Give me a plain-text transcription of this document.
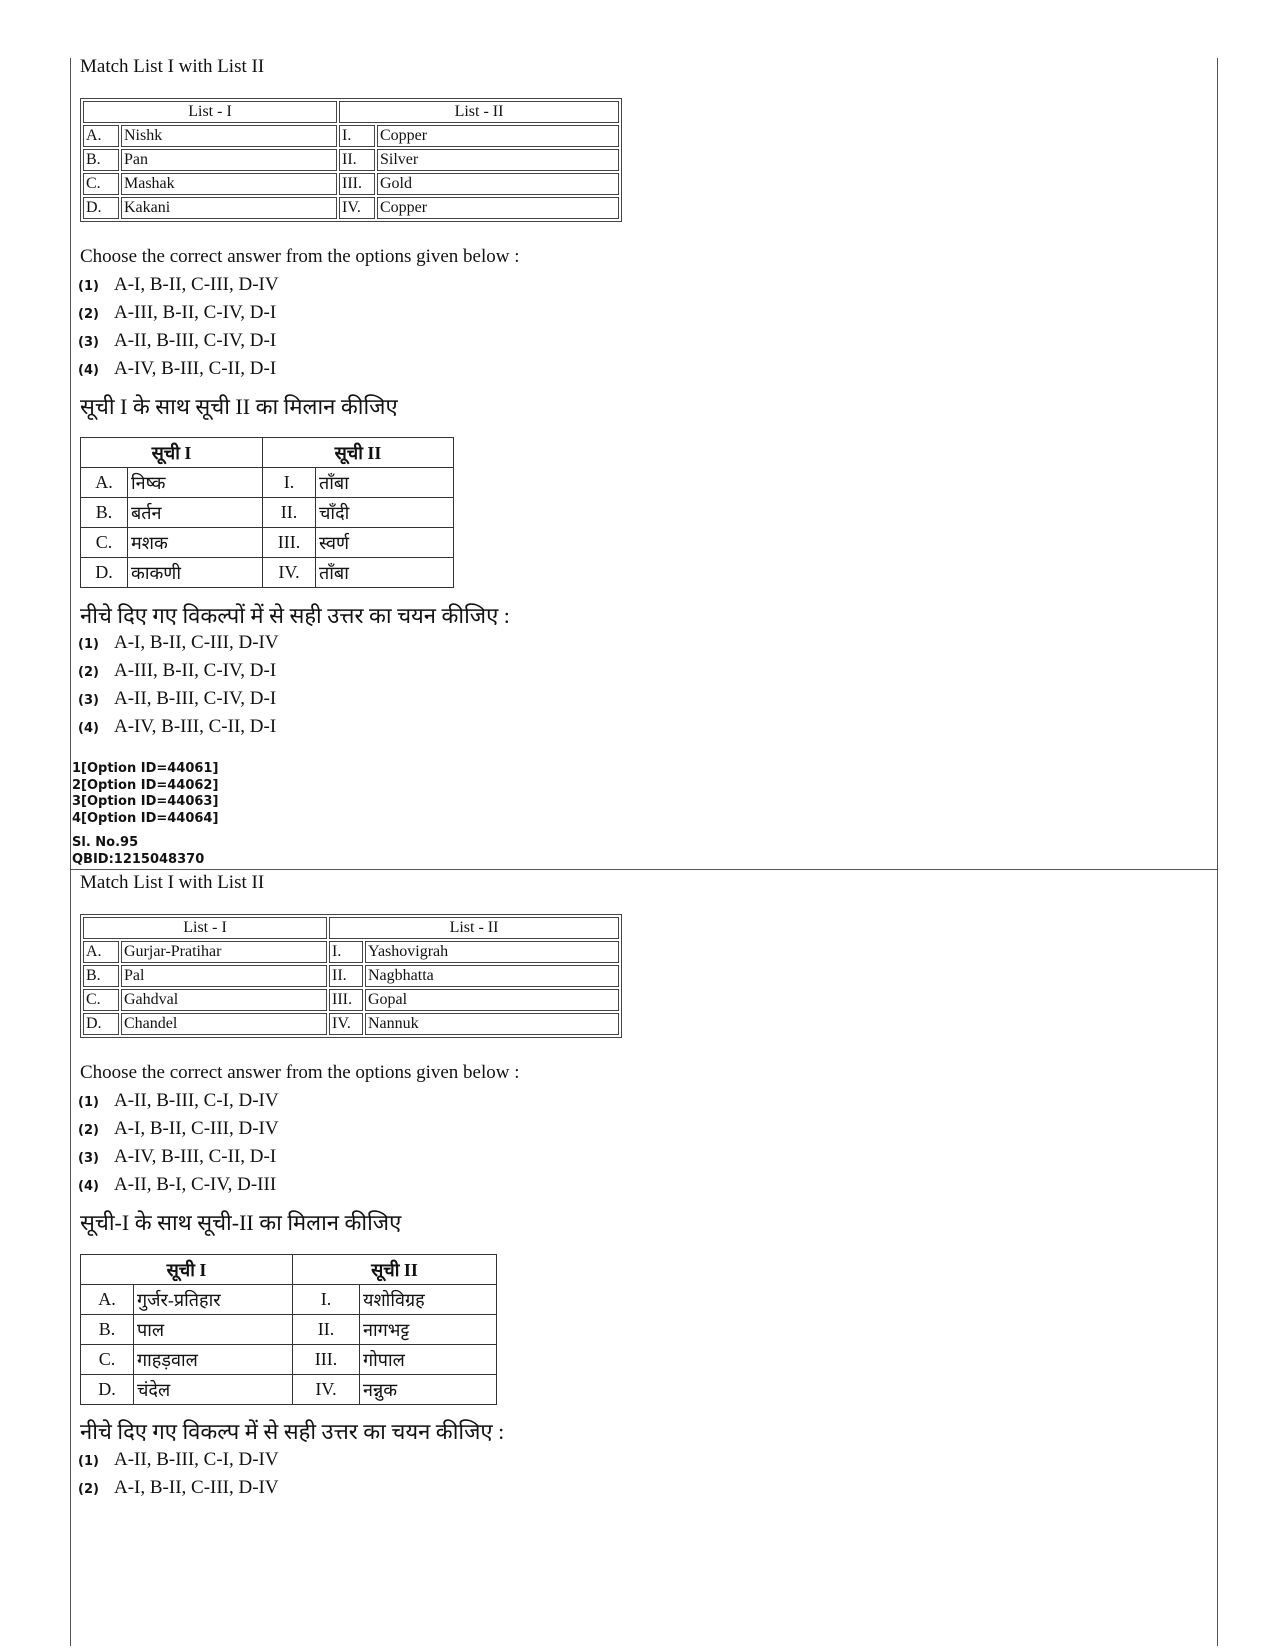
Match List I with List II
List - I		List - II	
A.	Nishk	I.	Copper
B.	Pan	II.	Silver
C.	Mashak	III.	Gold
D.	Kakani	IV.	Copper
Choose the correct answer from the options given below :
(1) A-I, B-II, C-III, D-IV
(2) A-III, B-II, C-IV, D-I
(3) A-II, B-III, C-IV, D-I
(4) A-IV, B-III, C-II, D-I
सूची I के साथ सूची II का मिलान कीजिए
सूची I		सूची II	
A.	निष्क	I.	ताँबा
B.	बर्तन	II.	चाँदी
C.	मशक	III.	स्वर्ण
D.	काकणी	IV.	ताँबा
नीचे दिए गए विकल्पों में से सही उत्तर का चयन कीजिए :
(1) A-I, B-II, C-III, D-IV
(2) A-III, B-II, C-IV, D-I
(3) A-II, B-III, C-IV, D-I
(4) A-IV, B-III, C-II, D-I
1[Option ID=44061]
2[Option ID=44062]
3[Option ID=44063]
4[Option ID=44064]
Sl. No.95
QBID:1215048370
Match List I with List II
List - I		List - II	
A.	Gurjar-Pratihar	I.	Yashovigrah
B.	Pal	II.	Nagbhatta
C.	Gahdval	III.	Gopal
D.	Chandel	IV.	Nannuk
Choose the correct answer from the options given below :
(1) A-II, B-III, C-I, D-IV
(2) A-I, B-II, C-III, D-IV
(3) A-IV, B-III, C-II, D-I
(4) A-II, B-I, C-IV, D-III
सूची-I के साथ सूची-II का मिलान कीजिए
सूची I		सूची II	
A.	गुर्जर-प्रतिहार	I.	यशोविग्रह
B.	पाल	II.	नागभट्ट
C.	गाहड़वाल	III.	गोपाल
D.	चंदेल	IV.	नन्नुक
नीचे दिए गए विकल्प में से सही उत्तर का चयन कीजिए :
(1) A-II, B-III, C-I, D-IV
(2) A-I, B-II, C-III, D-IV
